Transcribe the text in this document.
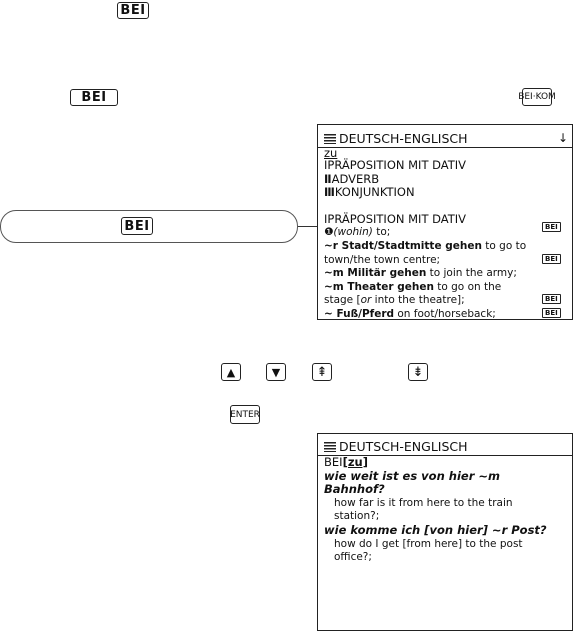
BEI
BEI	BEI·KOM
BEI
DEUTSCH-ENGLISCH	↓
zu
ⅠPRÄPOSITION MIT DATIV
ⅡADVERB
ⅢKONJUNKTION
ⅠPRÄPOSITION MIT DATIV
❶(wohin) to;	BEI
~r Stadt/Stadtmitte gehen to go to
town/the town centre;	BEI
~m Militär gehen to join the army;
~m Theater gehen to go on the
stage [or into the theatre];	BEI
~ Fuß/Pferd on foot/horseback;	BEI
▲	▼	⇞	⇟
ENTER
DEUTSCH-ENGLISCH
BEI[zu]
wie weit ist es von hier ~m
Bahnhof?
how far is it from here to the train
station?;
wie komme ich [von hier] ~r Post?
how do I get [from here] to the post
office?;
